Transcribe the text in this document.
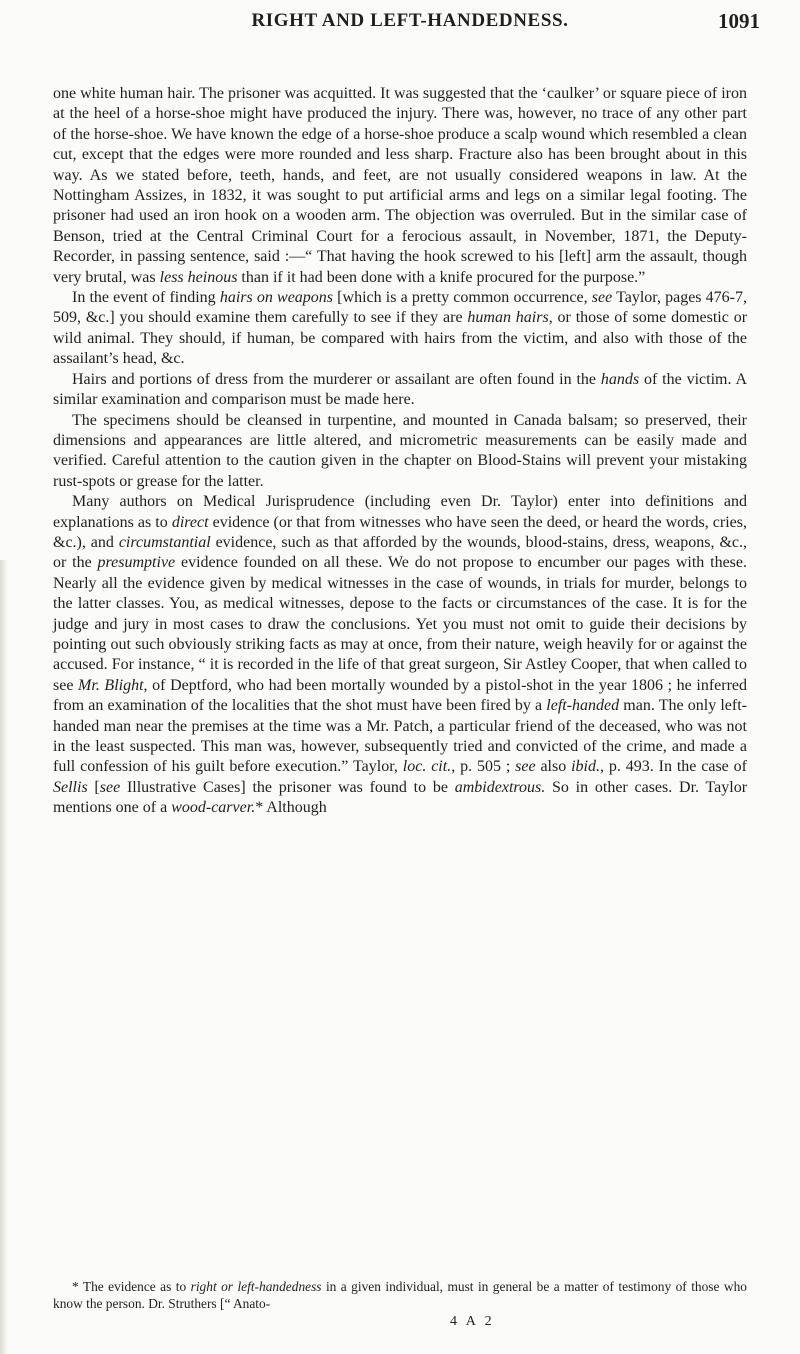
RIGHT AND LEFT-HANDEDNESS.	1091

one white human hair. The prisoner was acquitted. It was suggested that the ‘caulker’ or square piece of iron at the heel of a horse-shoe might have produced the injury. There was, however, no trace of any other part of the horse-shoe. We have known the edge of a horse-shoe produce a scalp wound which resembled a clean cut, except that the edges were more rounded and less sharp. Fracture also has been brought about in this way. As we stated before, teeth, hands, and feet, are not usually considered weapons in law. At the Nottingham Assizes, in 1832, it was sought to put artificial arms and legs on a similar legal footing. The prisoner had used an iron hook on a wooden arm. The objection was overruled. But in the similar case of Benson, tried at the Central Criminal Court for a ferocious assault, in November, 1871, the Deputy-Recorder, in passing sentence, said :—“ That having the hook screwed to his [left] arm the assault, though very brutal, was less heinous than if it had been done with a knife procured for the purpose.”

In the event of finding hairs on weapons [which is a pretty common occurrence, see Taylor, pages 476-7, 509, &c.] you should examine them carefully to see if they are human hairs, or those of some domestic or wild animal. They should, if human, be compared with hairs from the victim, and also with those of the assailant’s head, &c.

Hairs and portions of dress from the murderer or assailant are often found in the hands of the victim. A similar examination and comparison must be made here.

The specimens should be cleansed in turpentine, and mounted in Canada balsam; so preserved, their dimensions and appearances are little altered, and micrometric measurements can be easily made and verified. Careful attention to the caution given in the chapter on Blood-Stains will prevent your mistaking rust-spots or grease for the latter.

Many authors on Medical Jurisprudence (including even Dr. Taylor) enter into definitions and explanations as to direct evidence (or that from witnesses who have seen the deed, or heard the words, cries, &c.), and circumstantial evidence, such as that afforded by the wounds, blood-stains, dress, weapons, &c., or the presumptive evidence founded on all these. We do not propose to encumber our pages with these. Nearly all the evidence given by medical witnesses in the case of wounds, in trials for murder, belongs to the latter classes. You, as medical witnesses, depose to the facts or circumstances of the case. It is for the judge and jury in most cases to draw the conclusions. Yet you must not omit to guide their decisions by pointing out such obviously striking facts as may at once, from their nature, weigh heavily for or against the accused. For instance, “ it is recorded in the life of that great surgeon, Sir Astley Cooper, that when called to see Mr. Blight, of Deptford, who had been mortally wounded by a pistol-shot in the year 1806 ; he inferred from an examination of the localities that the shot must have been fired by a left-handed man. The only left-handed man near the premises at the time was a Mr. Patch, a particular friend of the deceased, who was not in the least suspected. This man was, however, subsequently tried and convicted of the crime, and made a full confession of his guilt before execution.” Taylor, loc. cit., p. 505 ; see also ibid., p. 493. In the case of Sellis [see Illustrative Cases] the prisoner was found to be ambidextrous. So in other cases. Dr. Taylor mentions one of a wood-carver.* Although

* The evidence as to right or left-handedness in a given individual, must in general be a matter of testimony of those who know the person. Dr. Struthers [“ Anato-

4 A 2
